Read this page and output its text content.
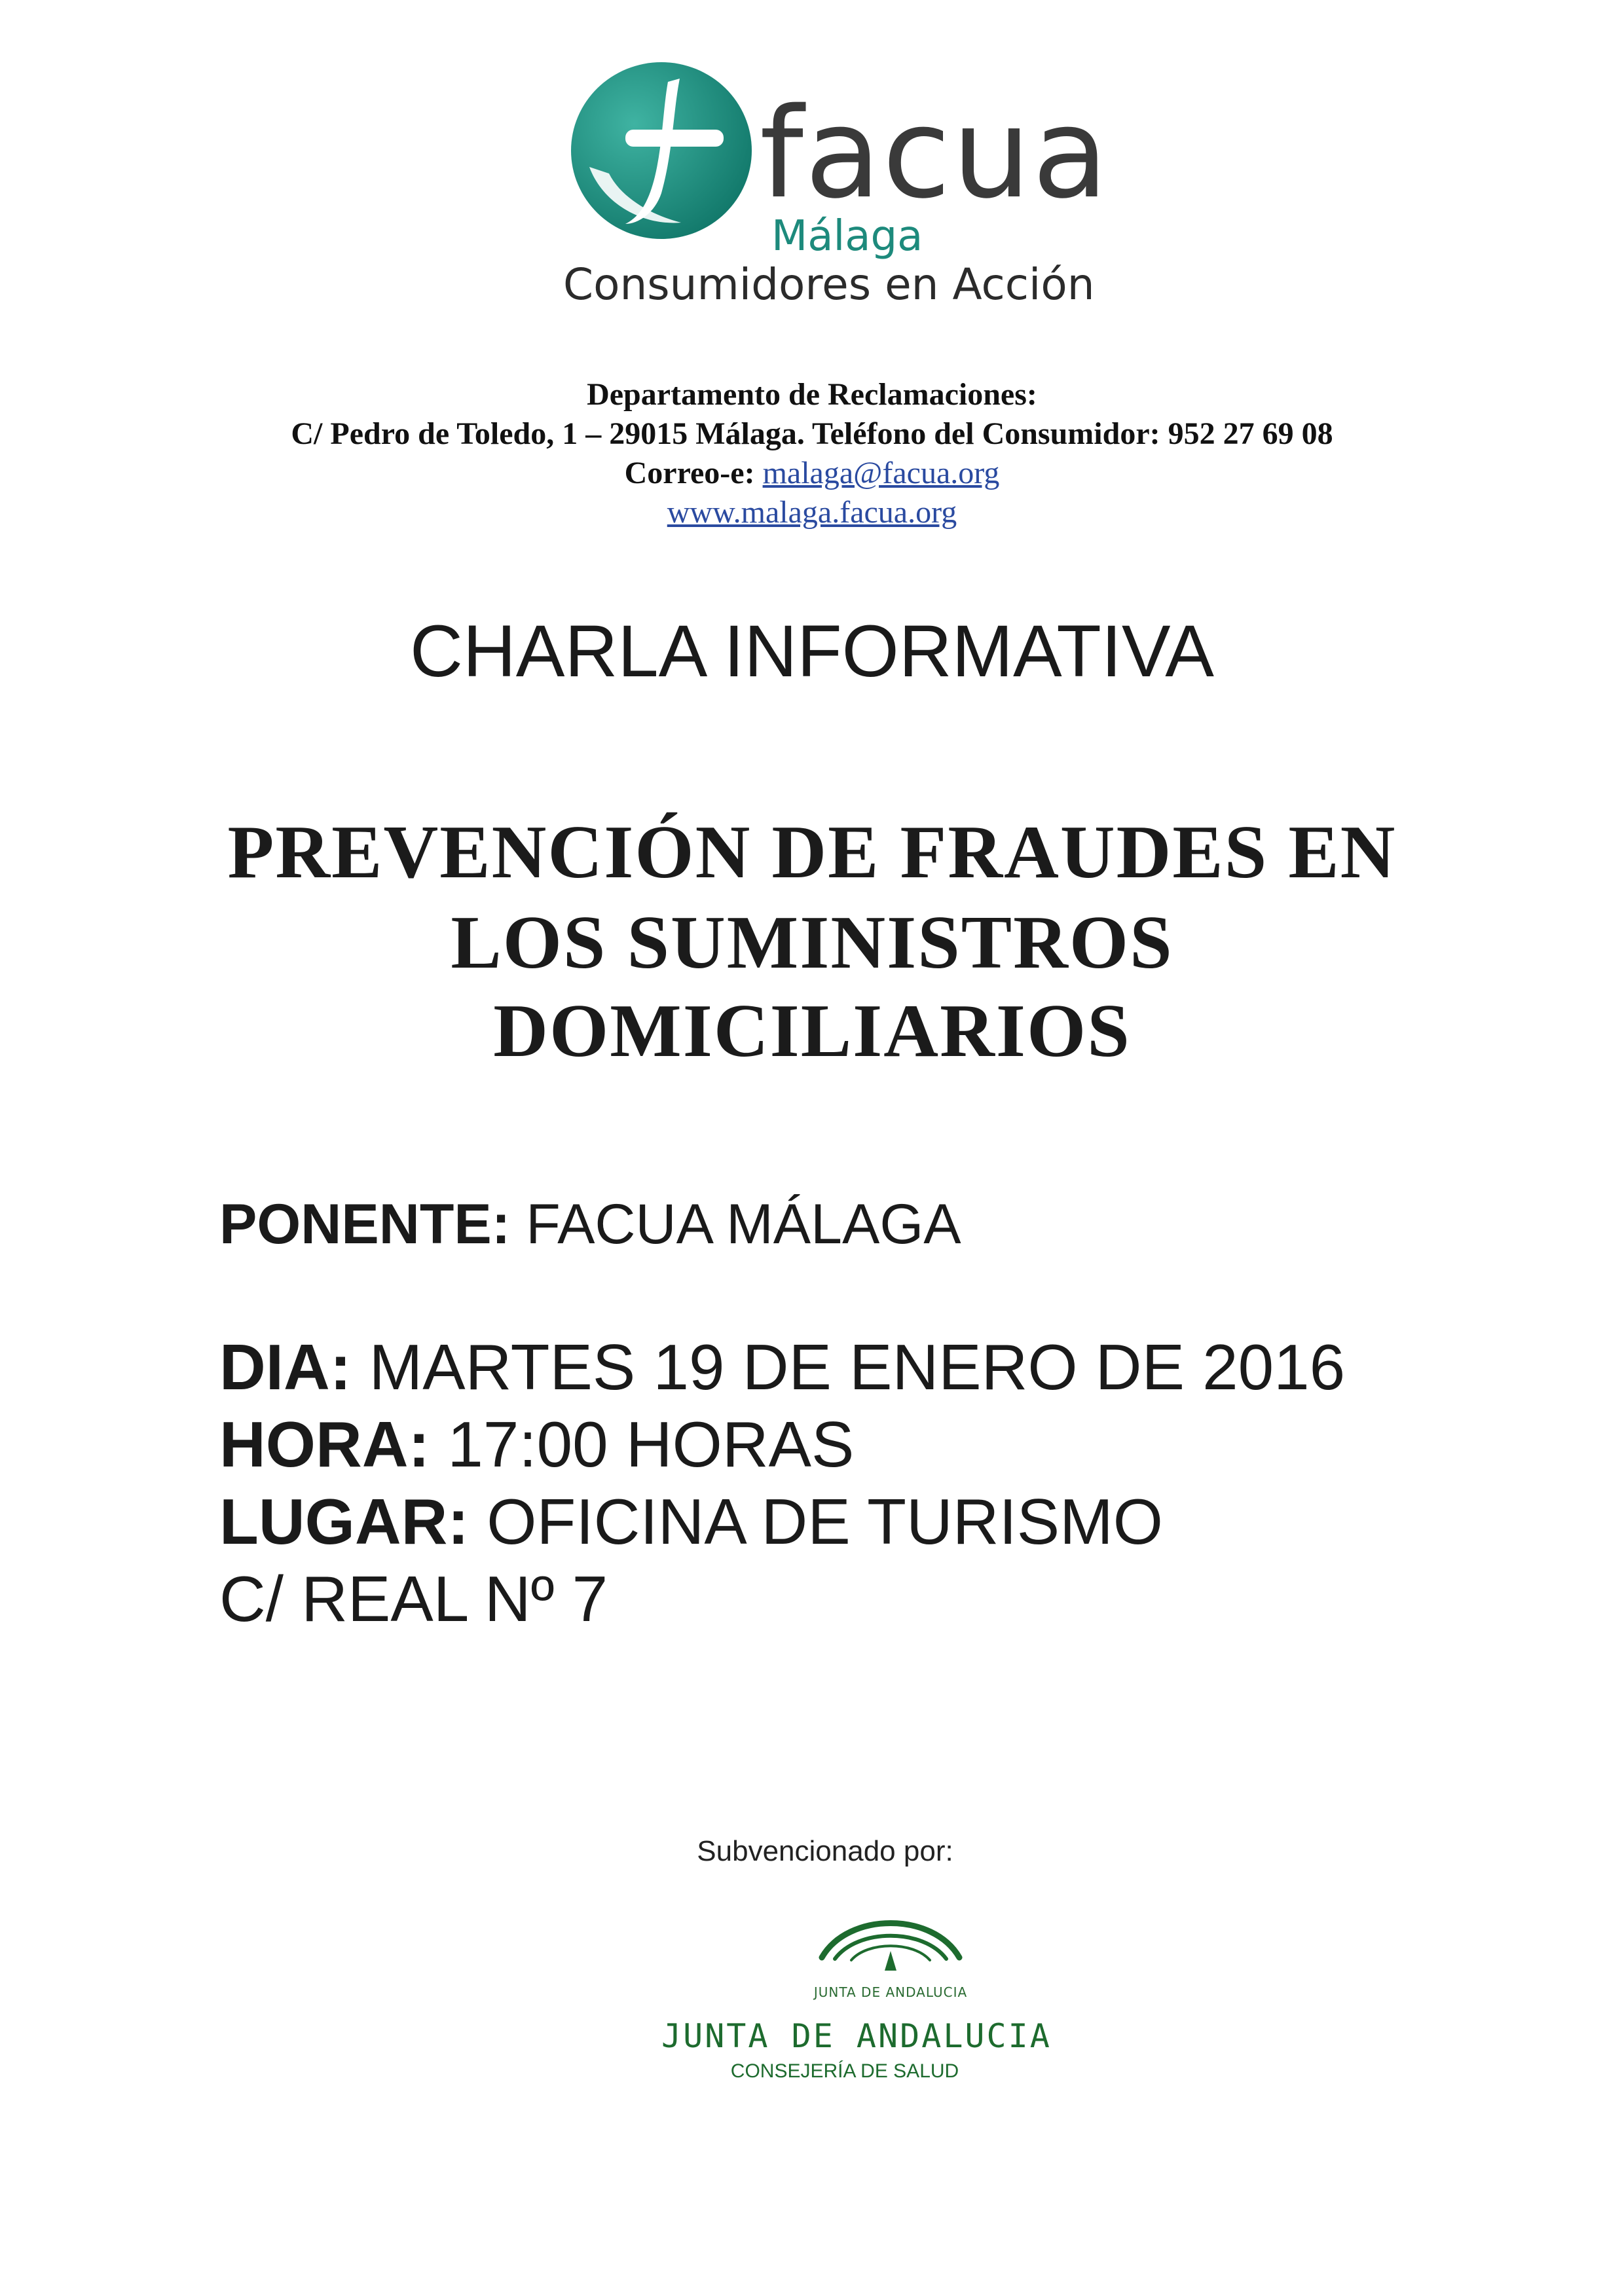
facua
Málaga
Consumidores en Acción
Departamento de Reclamaciones:
C/ Pedro de Toledo, 1 – 29015 Málaga. Teléfono del Consumidor: 952 27 69 08
Correo-e: malaga@facua.org
www.malaga.facua.org
CHARLA INFORMATIVA
PREVENCIÓN DE FRAUDES EN
LOS SUMINISTROS
DOMICILIARIOS
PONENTE: FACUA MÁLAGA
DIA: MARTES 19 DE ENERO DE 2016
HORA: 17:00 HORAS
LUGAR: OFICINA DE TURISMO
C/ REAL Nº 7
Subvencionado por:
JUNTA DE ANDALUCIA
JUNTA DE ANDALUCIA
CONSEJERÍA DE SALUD
